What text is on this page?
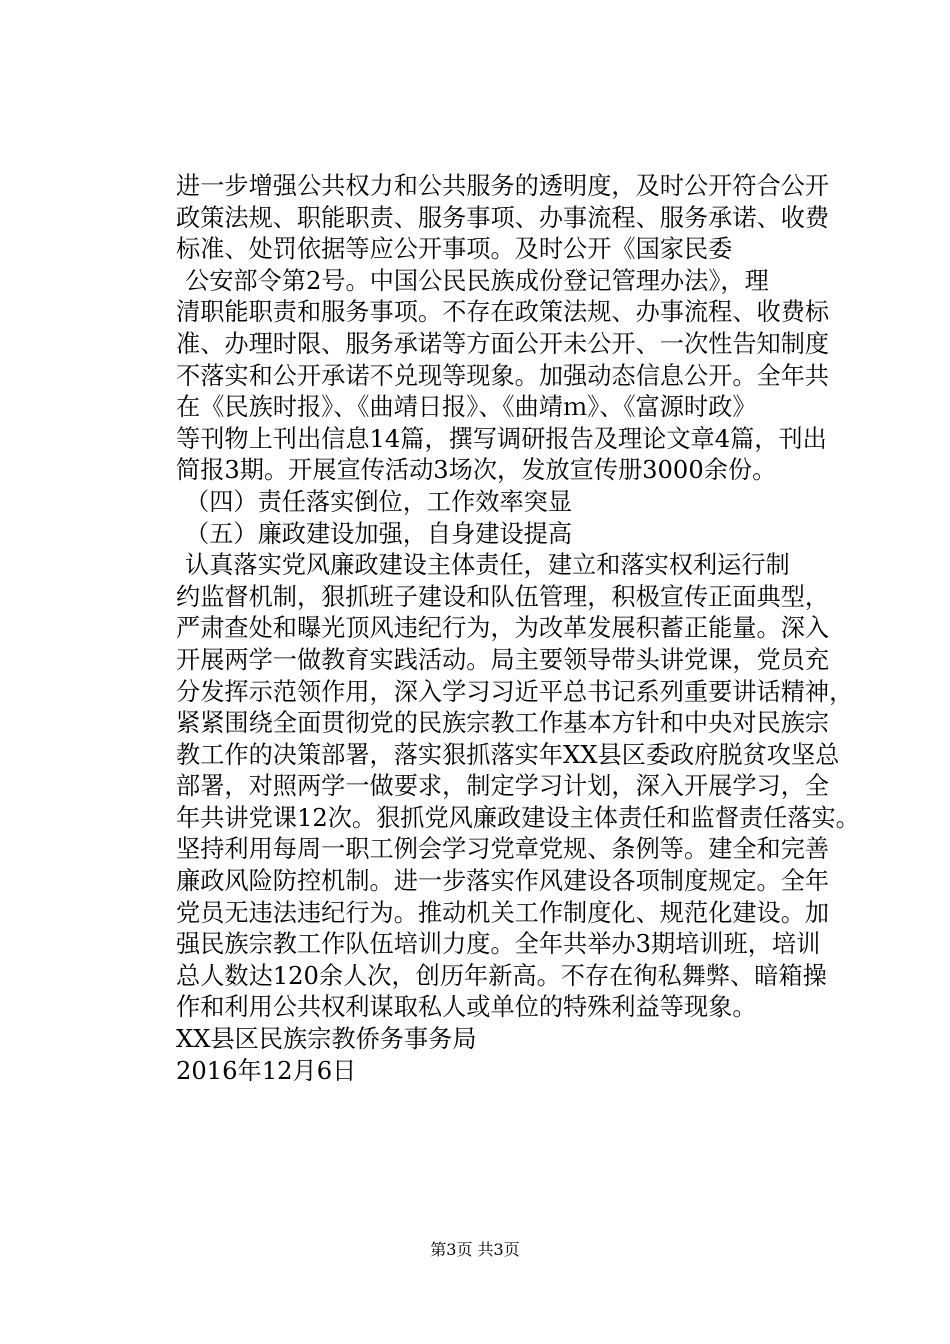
进一步增强公共权力和公共服务的透明度，及时公开符合公开
政策法规、职能职责、服务事项、办事流程、服务承诺、收费
标准、处罚依据等应公开事项。及时公开《国家民委
公安部令第2号。中国公民民族成份登记管理办法》，理
清职能职责和服务事项。不存在政策法规、办事流程、收费标
准、办理时限、服务承诺等方面公开未公开、一次性告知制度
不落实和公开承诺不兑现等现象。加强动态信息公开。全年共
在《民族时报》、《曲靖日报》、《曲靖ｍ》、《富源时政》
等刊物上刊出信息14篇，撰写调研报告及理论文章4篇，刊出
简报3期。开展宣传活动3场次，发放宣传册3000余份。
（四）责任落实倒位，工作效率突显
（五）廉政建设加强，自身建设提高
认真落实党风廉政建设主体责任，建立和落实权利运行制
约监督机制，狠抓班子建设和队伍管理，积极宣传正面典型，
严肃查处和曝光顶风违纪行为，为改革发展积蓄正能量。深入
开展两学一做教育实践活动。局主要领导带头讲党课，党员充
分发挥示范领作用，深入学习习近平总书记系列重要讲话精神，
紧紧围绕全面贯彻党的民族宗教工作基本方针和中央对民族宗
教工作的决策部署，落实狠抓落实年XX县区委政府脱贫攻坚总
部署，对照两学一做要求，制定学习计划，深入开展学习，全
年共讲党课12次。狠抓党风廉政建设主体责任和监督责任落实。
坚持利用每周一职工例会学习党章党规、条例等。建全和完善
廉政风险防控机制。进一步落实作风建设各项制度规定。全年
党员无违法违纪行为。推动机关工作制度化、规范化建设。加
强民族宗教工作队伍培训力度。全年共举办3期培训班，培训
总人数达120余人次，创历年新高。不存在徇私舞弊、暗箱操
作和利用公共权利谋取私人或单位的特殊利益等现象。
XX县区民族宗教侨务事务局
2016年12月6日
第3页 共3页
